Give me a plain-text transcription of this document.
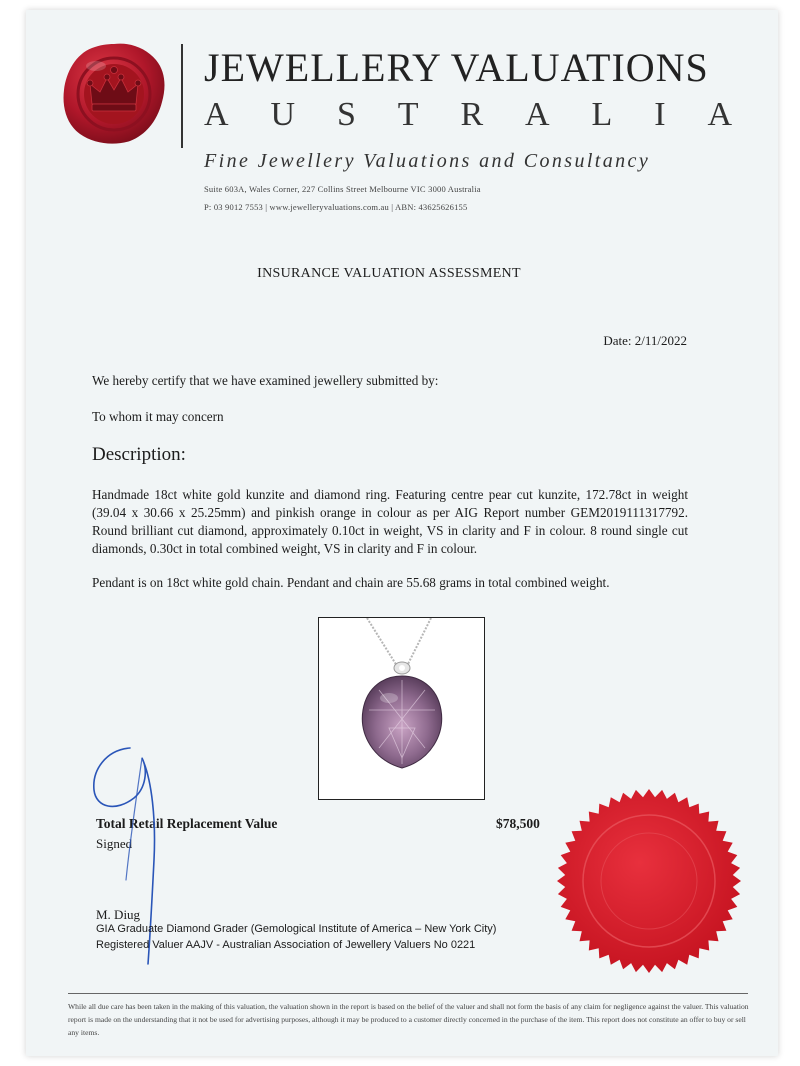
JEWELLERY VALUATIONS
A U S T R A L I A
Fine Jewellery Valuations and Consultancy
Suite 603A, Wales Corner, 227 Collins Street Melbourne VIC 3000 Australia
P: 03 9012 7553 | www.jewelleryvaluations.com.au | ABN: 43625626155
INSURANCE VALUATION ASSESSMENT
Date: 2/11/2022
We hereby certify that we have examined jewellery submitted by:
To whom it may concern
Description:
Handmade 18ct white gold kunzite and diamond ring. Featuring centre pear cut kunzite, 172.78ct in weight (39.04 x 30.66 x 25.25mm) and pinkish orange in colour as per AIG Report number GEM2019111317792. Round brilliant cut diamond, approximately 0.10ct in weight, VS in clarity and F in colour. 8 round single cut diamonds, 0.30ct in total combined weight, VS in clarity and F in colour.
Pendant is on 18ct white gold chain. Pendant and chain are 55.68 grams in total combined weight.
Total Retail Replacement Value	$78,500
Signed
M. Diug
GIA Graduate Diamond Grader (Gemological Institute of America – New York City)
Registered Valuer AAJV - Australian Association of Jewellery Valuers No 0221
While all due care has been taken in the making of this valuation, the valuation shown in the report is based on the belief of the valuer and shall not form the basis of any claim for negligence against the valuer. This valuation report is made on the understanding that it not be used for advertising purposes, although it may be produced to a customer directly concerned in the purchase of the item. This report does not constitute an offer to buy or sell any items.
